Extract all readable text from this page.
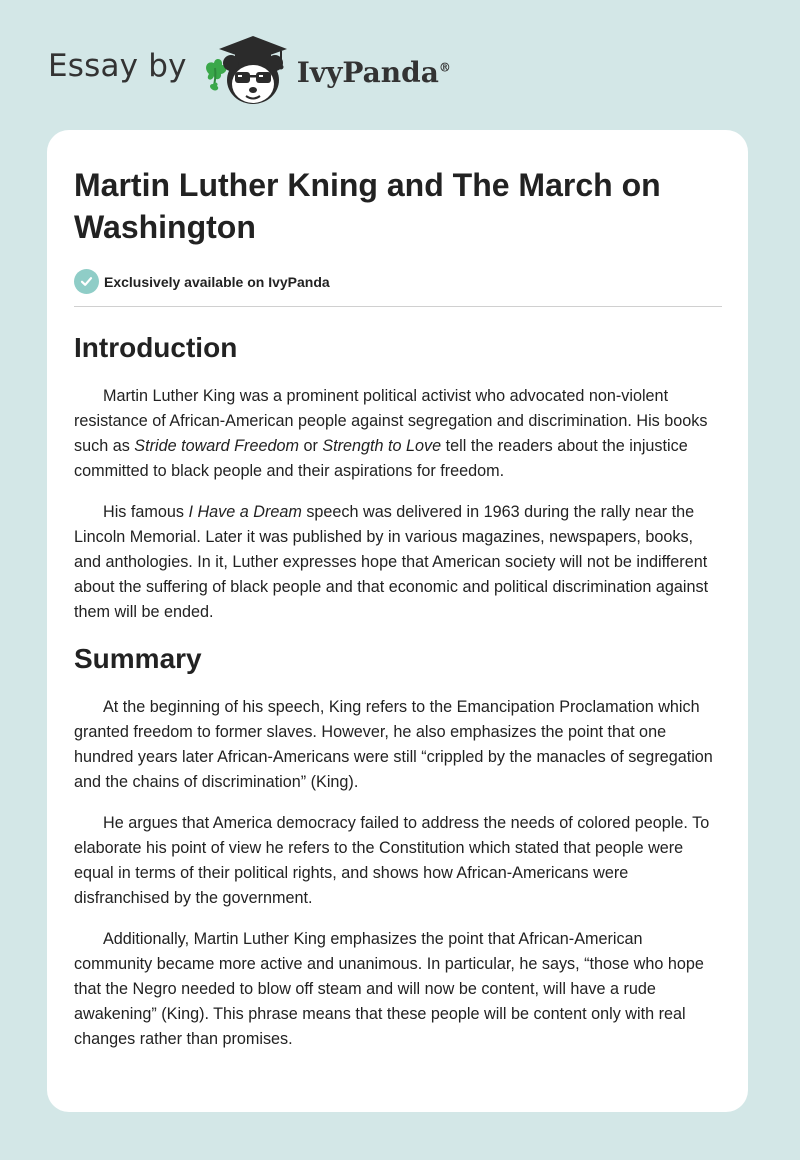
Essay by	IvyPanda®
Martin Luther Kning and The March on Washington
Exclusively available on IvyPanda
Introduction

Martin Luther King was a prominent political activist who advocated non-violent resistance of African-American people against segregation and discrimination. His books such as Stride toward Freedom or Strength to Love tell the readers about the injustice committed to black people and their aspirations for freedom.

His famous I Have a Dream speech was delivered in 1963 during the rally near the Lincoln Memorial. Later it was published by in various magazines, newspapers, books, and anthologies. In it, Luther expresses hope that American society will not be indifferent about the suffering of black people and that economic and political discrimination against them will be ended.

Summary

At the beginning of his speech, King refers to the Emancipation Proclamation which granted freedom to former slaves. However, he also emphasizes the point that one hundred years later African-Americans were still “crippled by the manacles of segregation and the chains of discrimination” (King).

He argues that America democracy failed to address the needs of colored people. To elaborate his point of view he refers to the Constitution which stated that people were equal in terms of their political rights, and shows how African-Americans were disfranchised by the government.

Additionally, Martin Luther King emphasizes the point that African-American community became more active and unanimous. In particular, he says, “those who hope that the Negro needed to blow off steam and will now be content, will have a rude awakening” (King). This phrase means that these people will be content only with real changes rather than promises.
